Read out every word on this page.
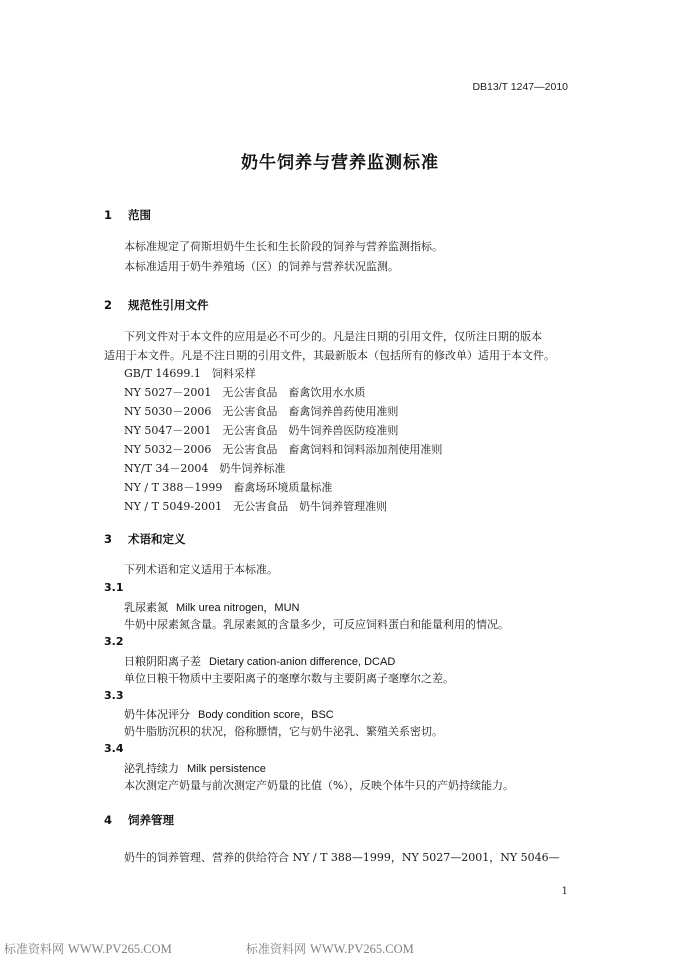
DB13/T 1247—2010
奶牛饲养与营养监测标准
1 范围
本标准规定了荷斯坦奶牛生长和生长阶段的饲养与营养监测指标。
本标准适用于奶牛养殖场（区）的饲养与营养状况监测。
2 规范性引用文件
下列文件对于本文件的应用是必不可少的。凡是注日期的引用文件，仅所注日期的版本
适用于本文件。凡是不注日期的引用文件，其最新版本（包括所有的修改单）适用于本文件。
GB/T 14699.1　饲料采样
NY 5027－2001　无公害食品　畜禽饮用水水质
NY 5030－2006　无公害食品　畜禽饲养兽药使用准则
NY 5047－2001　无公害食品　奶牛饲养兽医防疫准则
NY 5032－2006　无公害食品　畜禽饲料和饲料添加剂使用准则
NY/T 34－2004　奶牛饲养标准
NY / T 388－1999　畜禽场环境质量标准
NY / T 5049-2001　无公害食品　奶牛饲养管理准则
3 术语和定义
下列术语和定义适用于本标准。
3.1
乳尿素氮 Milk urea nitrogen，MUN
牛奶中尿素氮含量。乳尿素氮的含量多少，可反应饲料蛋白和能量利用的情况。
3.2
日粮阴阳离子差 Dietary cation-anion difference, DCAD
单位日粮干物质中主要阳离子的毫摩尔数与主要阴离子毫摩尔之差。
3.3
奶牛体况评分 Body condition score，BSC
奶牛脂肪沉积的状况，俗称膘情，它与奶牛泌乳、繁殖关系密切。
3.4
泌乳持续力 Milk persistence
本次测定产奶量与前次测定产奶量的比值（%），反映个体牛只的产奶持续能力。
4 饲养管理
奶牛的饲养管理、营养的供给符合 NY / T 388—1999，NY 5027—2001，NY 5046—
1
标准资料网 WWW.PV265.COM	标准资料网 WWW.PV265.COM
